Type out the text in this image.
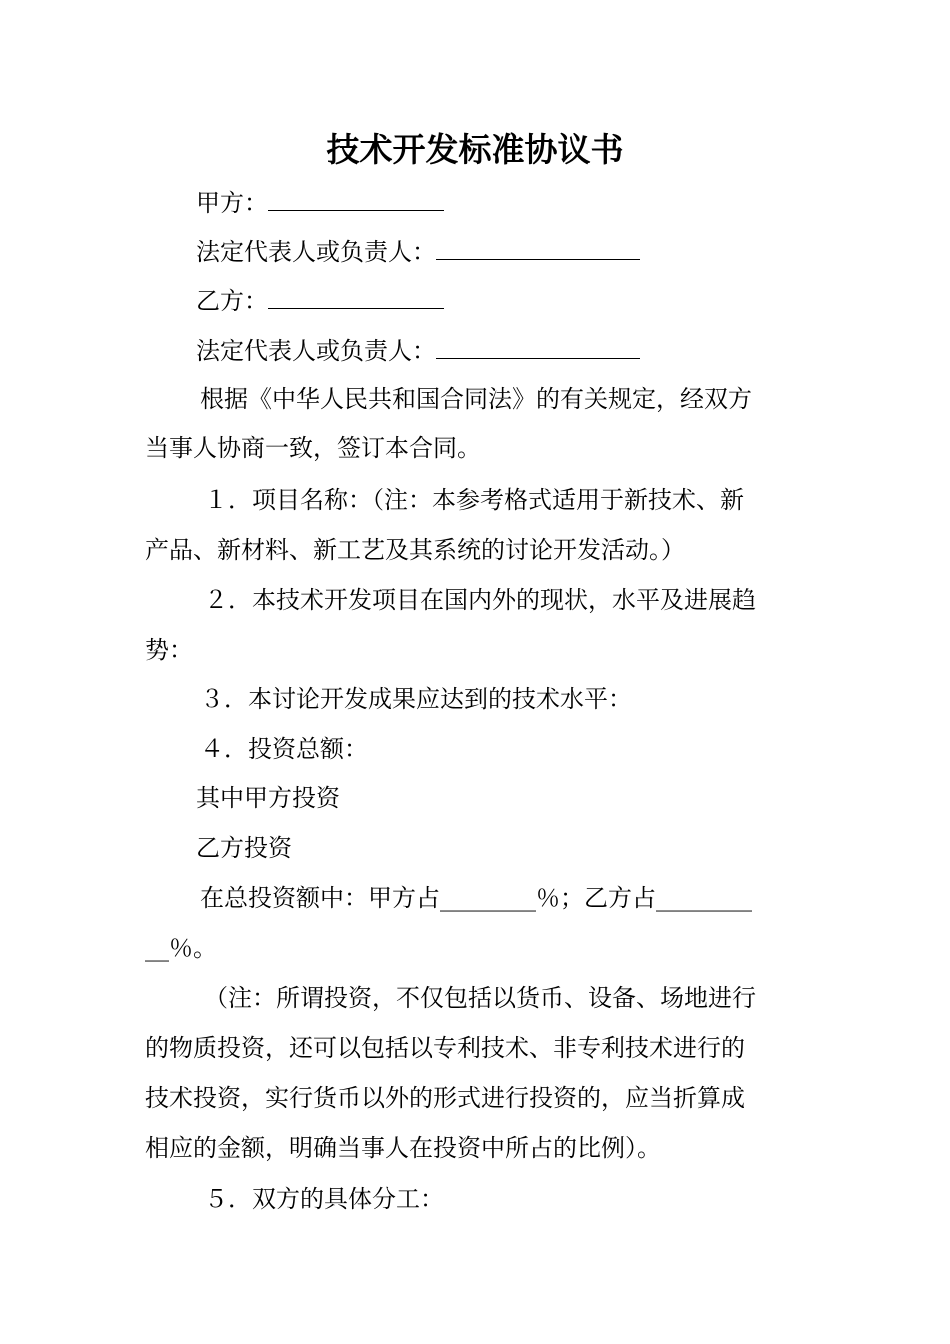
技术开发标准协议书
甲方：
法定代表人或负责人：
乙方：
法定代表人或负责人：
根据《中华人民共和国合同法》的有关规定，经双方
当事人协商一致，签订本合同。
１．项目名称：（注：本参考格式适用于新技术、新
产品、新材料、新工艺及其系统的讨论开发活动。）
２．本技术开发项目在国内外的现状，水平及进展趋
势：
３．本讨论开发成果应达到的技术水平：
４．投资总额：
其中甲方投资
乙方投资
在总投资额中：甲方占________％；乙方占________
__％。
（注：所谓投资，不仅包括以货币、设备、场地进行
的物质投资，还可以包括以专利技术、非专利技术进行的
技术投资，实行货币以外的形式进行投资的，应当折算成
相应的金额，明确当事人在投资中所占的比例）。
５．双方的具体分工：
